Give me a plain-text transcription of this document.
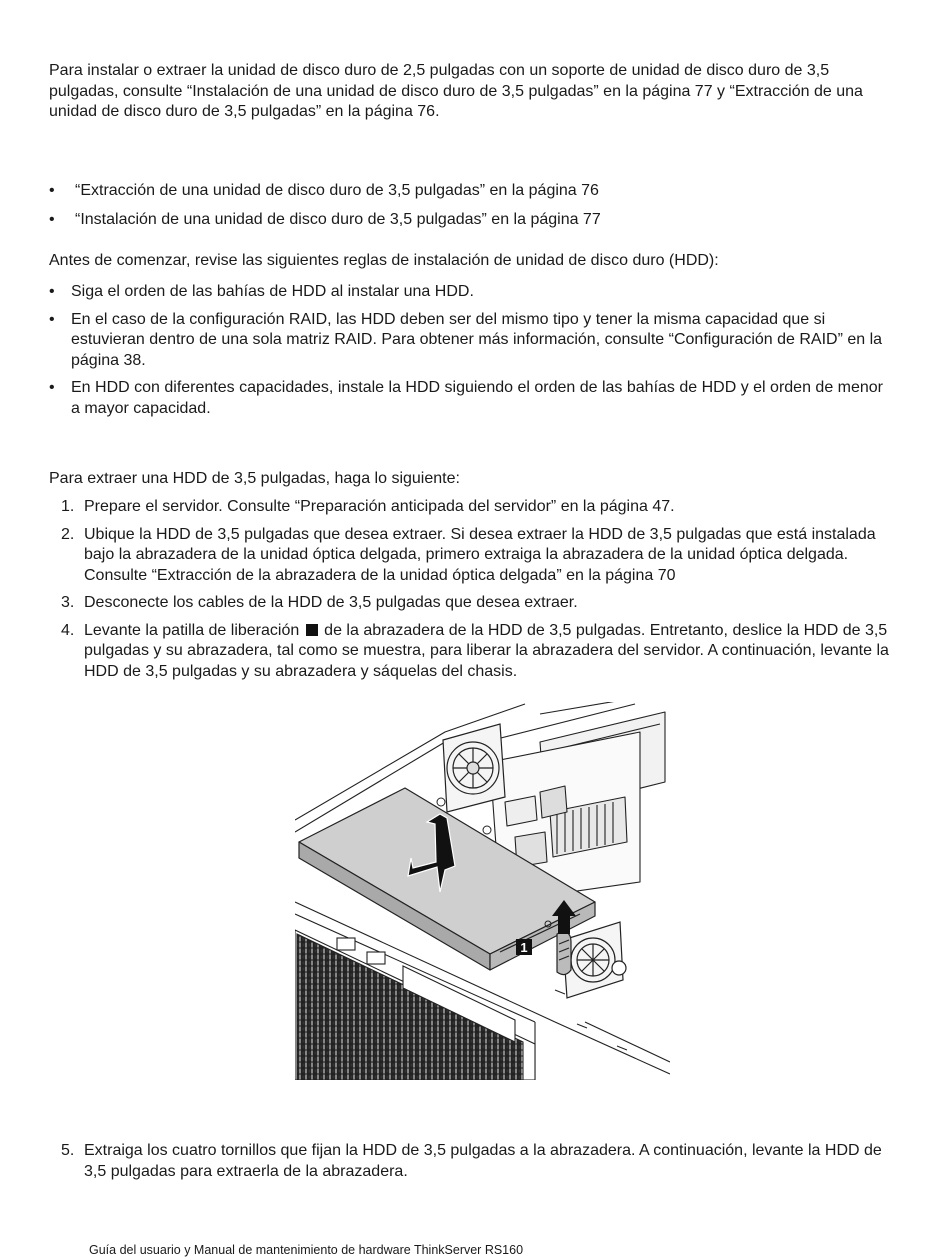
Para instalar o extraer la unidad de disco duro de 2,5 pulgadas con un soporte de unidad de disco duro de 3,5 pulgadas, consulte “Instalación de una unidad de disco duro de 3,5 pulgadas” en la página 77 y “Extracción de una unidad de disco duro de 3,5 pulgadas” en la página 76.

• “Extracción de una unidad de disco duro de 3,5 pulgadas” en la página 76
• “Instalación de una unidad de disco duro de 3,5 pulgadas” en la página 77

Antes de comenzar, revise las siguientes reglas de instalación de unidad de disco duro (HDD):

• Siga el orden de las bahías de HDD al instalar una HDD.
• En el caso de la configuración RAID, las HDD deben ser del mismo tipo y tener la misma capacidad que si estuvieran dentro de una sola matriz RAID. Para obtener más información, consulte “Configuración de RAID” en la página 38.
• En HDD con diferentes capacidades, instale la HDD siguiendo el orden de las bahías de HDD y el orden de menor a mayor capacidad.

Para extraer una HDD de 3,5 pulgadas, haga lo siguiente:

1. Prepare el servidor. Consulte “Preparación anticipada del servidor” en la página 47.
2. Ubique la HDD de 3,5 pulgadas que desea extraer. Si desea extraer la HDD de 3,5 pulgadas que está instalada bajo la abrazadera de la unidad óptica delgada, primero extraiga la abrazadera de la unidad óptica delgada. Consulte “Extracción de la abrazadera de la unidad óptica delgada” en la página 70
3. Desconecte los cables de la HDD de 3,5 pulgadas que desea extraer.
4. Levante la patilla de liberación de la abrazadera de la HDD de 3,5 pulgadas. Entretanto, deslice la HDD de 3,5 pulgadas y su abrazadera, tal como se muestra, para liberar la abrazadera del servidor. A continuación, levante la HDD de 3,5 pulgadas y su abrazadera y sáquelas del chasis.
1
5. Extraiga los cuatro tornillos que fijan la HDD de 3,5 pulgadas a la abrazadera. A continuación, levante la HDD de 3,5 pulgadas para extraerla de la abrazadera.
Guía del usuario y Manual de mantenimiento de hardware ThinkServer RS160
